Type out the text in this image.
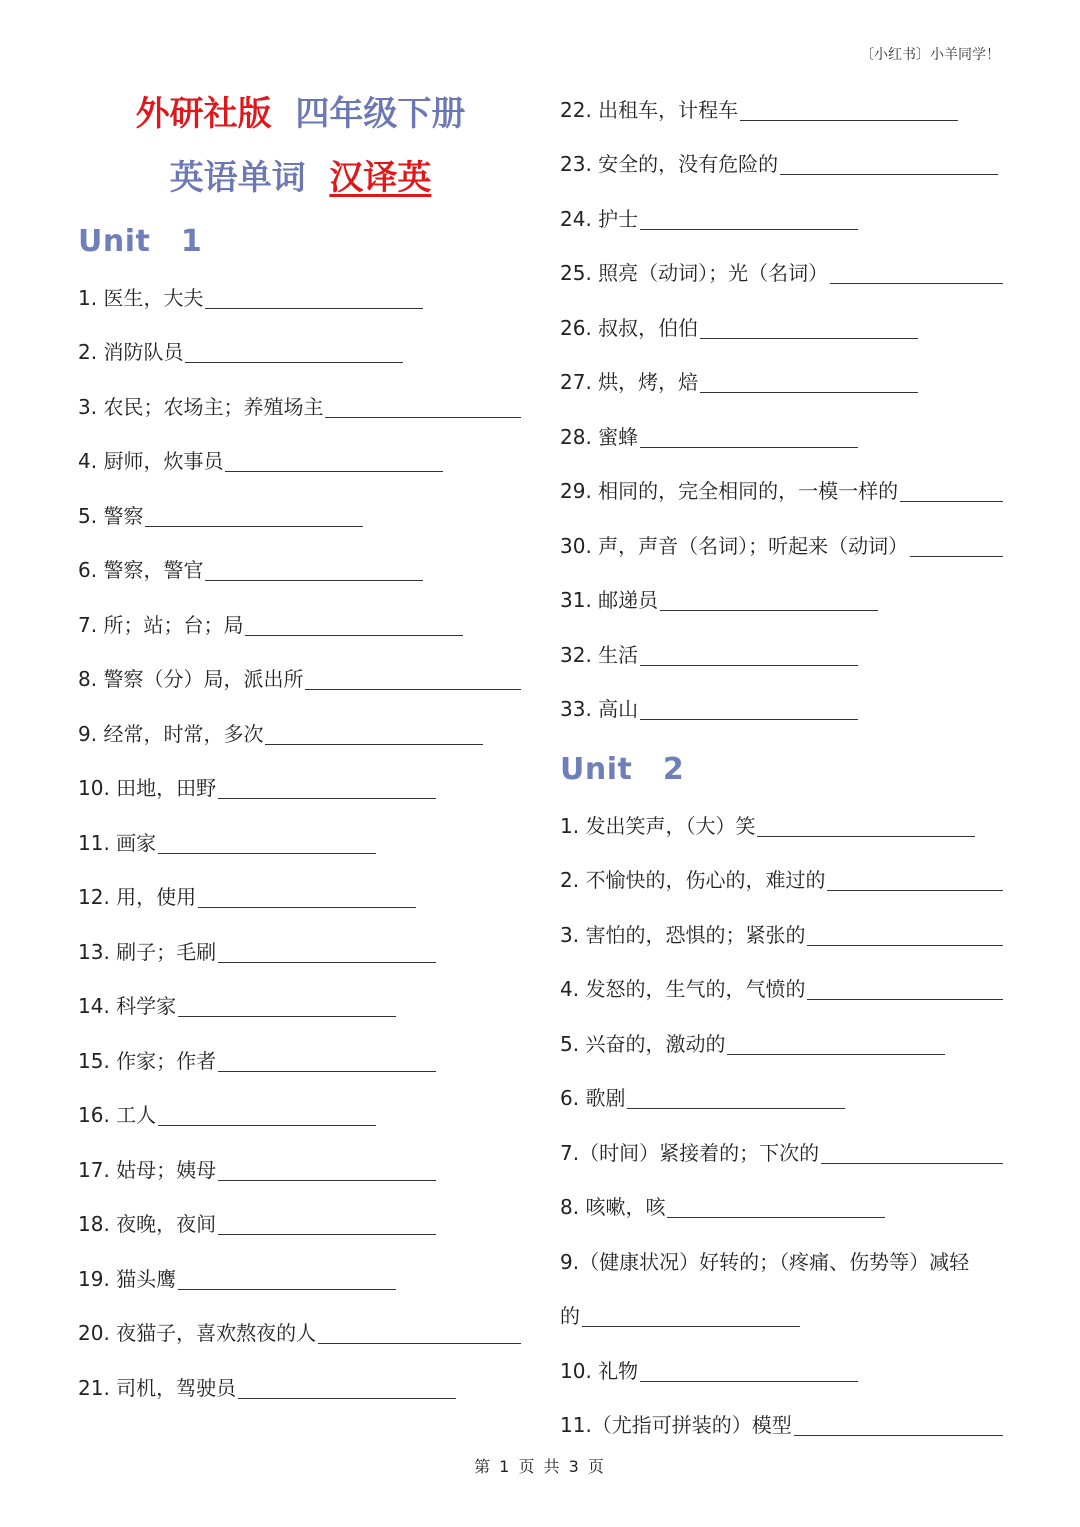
〔小红书〕小羊同学！
外研社版 四年级下册
英语单词 汉译英
Unit　1
1. 医生，大夫
2. 消防队员
3. 农民；农场主；养殖场主
4. 厨师，炊事员
5. 警察
6. 警察，警官
7. 所；站；台；局
8. 警察（分）局，派出所
9. 经常，时常，多次
10. 田地，田野
11. 画家
12. 用，使用
13. 刷子；毛刷
14. 科学家
15. 作家；作者
16. 工人
17. 姑母；姨母
18. 夜晚，夜间
19. 猫头鹰
20. 夜猫子，喜欢熬夜的人
21. 司机，驾驶员
22. 出租车，计程车
23. 安全的，没有危险的
24. 护士
25. 照亮（动词）；光（名词）
26. 叔叔，伯伯
27. 烘，烤，焙
28. 蜜蜂
29. 相同的，完全相同的，一模一样的
30. 声，声音（名词）；听起来（动词）
31. 邮递员
32. 生活
33. 高山
Unit　2
1. 发出笑声，（大）笑
2. 不愉快的，伤心的，难过的
3. 害怕的，恐惧的；紧张的
4. 发怒的，生气的，气愤的
5. 兴奋的，激动的
6. 歌剧
7.（时间）紧接着的；下次的
8. 咳嗽，咳
9.（健康状况）好转的；（疼痛、伤势等）减轻
的
10. 礼物
11.（尤指可拼装的）模型
第 1 页 共 3 页
